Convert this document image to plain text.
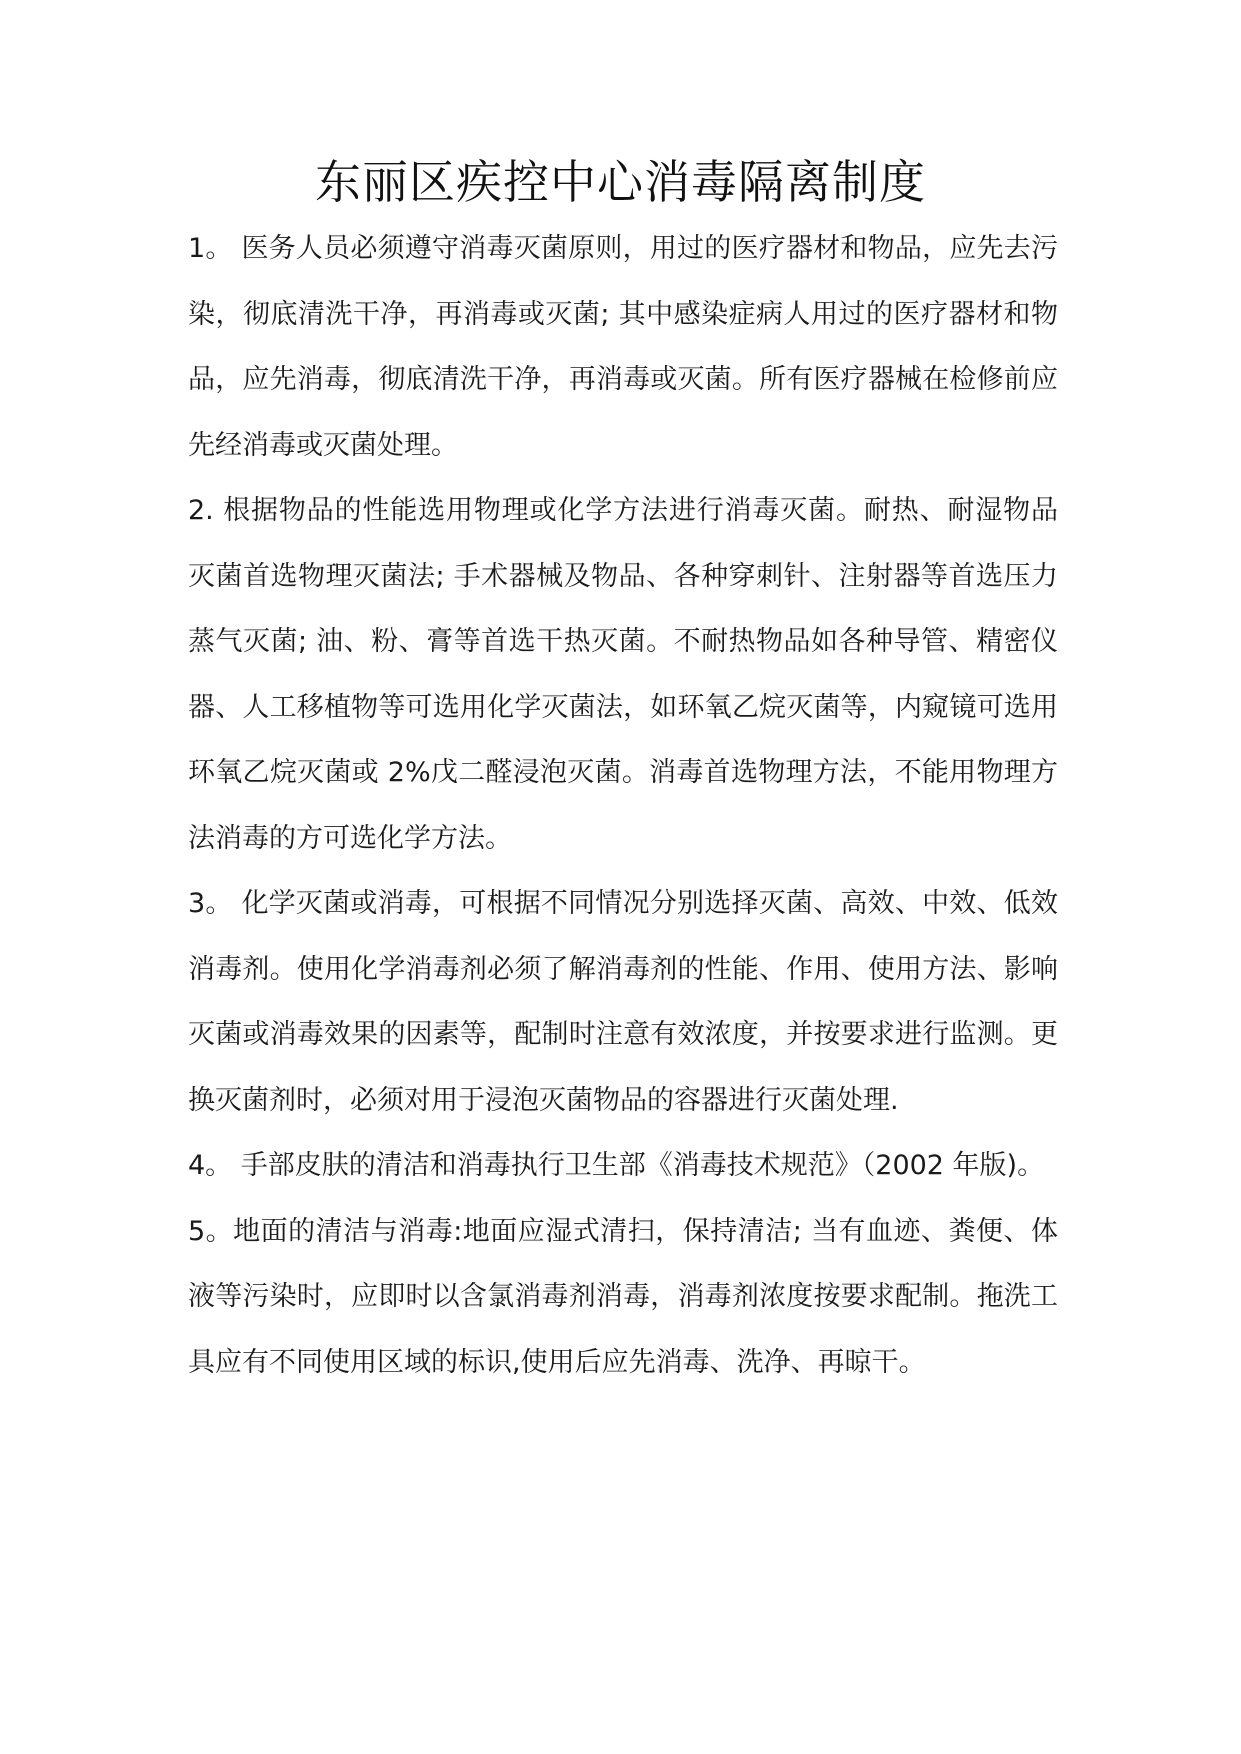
东丽区疾控中心消毒隔离制度

1。 医务人员必须遵守消毒灭菌原则，用过的医疗器材和物品，应先去污染，彻底清洗干净，再消毒或灭菌; 其中感染症病人用过的医疗器材和物品，应先消毒，彻底清洗干净，再消毒或灭菌。所有医疗器械在检修前应先经消毒或灭菌处理。

2. 根据物品的性能选用物理或化学方法进行消毒灭菌。耐热、耐湿物品灭菌首选物理灭菌法; 手术器械及物品、各种穿刺针、注射器等首选压力蒸气灭菌; 油、粉、膏等首选干热灭菌。不耐热物品如各种导管、精密仪器、人工移植物等可选用化学灭菌法，如环氧乙烷灭菌等，内窥镜可选用环氧乙烷灭菌或 2%戊二醛浸泡灭菌。消毒首选物理方法，不能用物理方法消毒的方可选化学方法。

3。 化学灭菌或消毒，可根据不同情况分别选择灭菌、高效、中效、低效消毒剂。使用化学消毒剂必须了解消毒剂的性能、作用、使用方法、影响灭菌或消毒效果的因素等，配制时注意有效浓度，并按要求进行监测。更换灭菌剂时，必须对用于浸泡灭菌物品的容器进行灭菌处理.

4。 手部皮肤的清洁和消毒执行卫生部《消毒技术规范》（2002 年版)。

5。地面的清洁与消毒:地面应湿式清扫，保持清洁; 当有血迹、粪便、体液等污染时，应即时以含氯消毒剂消毒，消毒剂浓度按要求配制。拖洗工具应有不同使用区域的标识,使用后应先消毒、洗净、再晾干。
